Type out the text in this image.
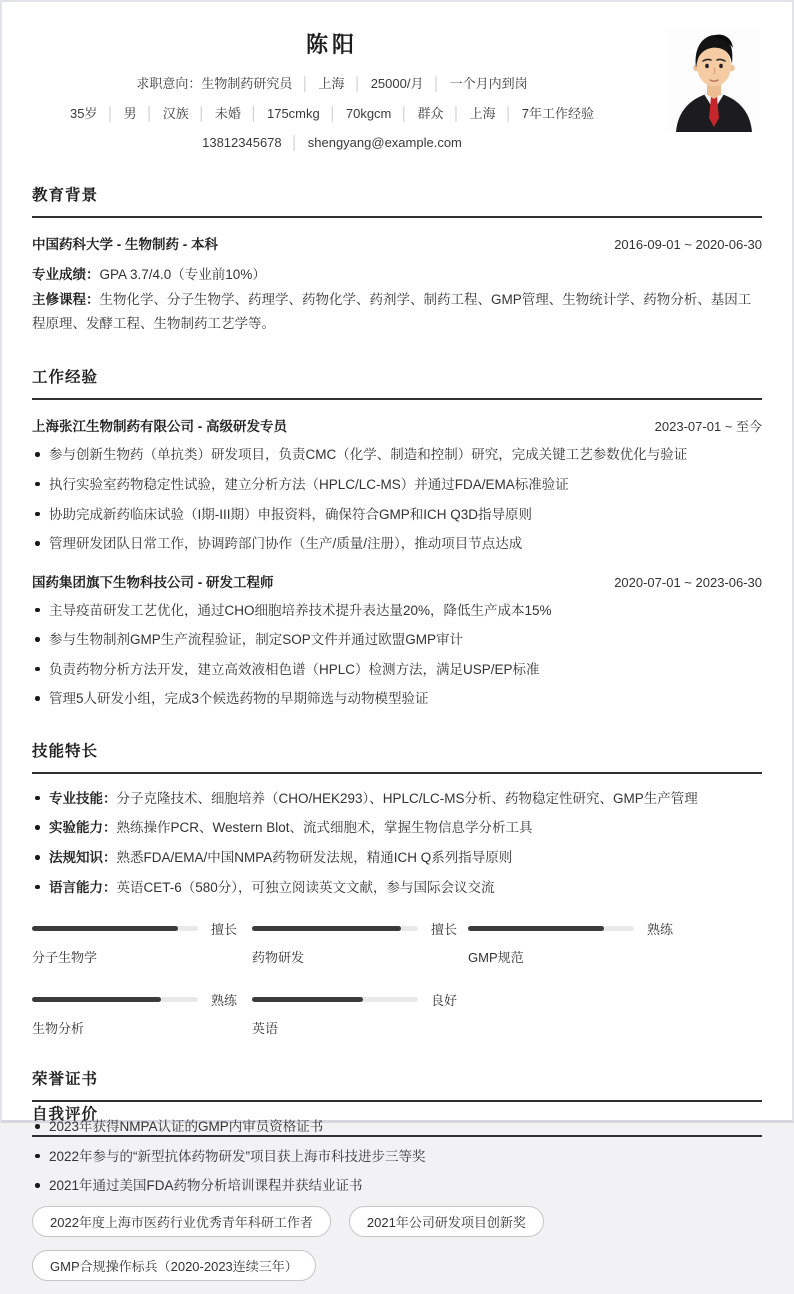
陈阳
求职意向：生物制药研究员 │ 上海 │ 25000/月 │ 一个月内到岗
35岁 │ 男 │ 汉族 │ 未婚 │ 175cmkg │ 70kgcm │ 群众 │ 上海 │ 7年工作经验
13812345678 │ shengyang@example.com
教育背景
中国药科大学 - 生物制药 - 本科	2016-09-01 ~ 2020-06-30

专业成绩：GPA 3.7/4.0（专业前10%）

主修课程：生物化学、分子生物学、药理学、药物化学、药剂学、制药工程、GMP管理、生物统计学、药物分析、基因工程原理、发酵工程、生物制药工艺学等。

工作经验
上海张江生物制药有限公司 - 高级研发专员	2023-07-01 ~ 至今
参与创新生物药（单抗类）研发项目，负责CMC（化学、制造和控制）研究，完成关键工艺参数优化与验证
执行实验室药物稳定性试验，建立分析方法（HPLC/LC-MS）并通过FDA/EMA标准验证
协助完成新药临床试验（I期-III期）申报资料，确保符合GMP和ICH Q3D指导原则
管理研发团队日常工作，协调跨部门协作（生产/质量/注册），推动项目节点达成
国药集团旗下生物科技公司 - 研发工程师	2020-07-01 ~ 2023-06-30
主导疫苗研发工艺优化，通过CHO细胞培养技术提升表达量20%，降低生产成本15%
参与生物制剂GMP生产流程验证，制定SOP文件并通过欧盟GMP审计
负责药物分析方法开发，建立高效液相色谱（HPLC）检测方法，满足USP/EP标准
管理5人研发小组，完成3个候选药物的早期筛选与动物模型验证
技能特长
专业技能：分子克隆技术、细胞培养（CHO/HEK293）、HPLC/LC-MS分析、药物稳定性研究、GMP生产管理
实验能力：熟练操作PCR、Western Blot、流式细胞术，掌握生物信息学分析工具
法规知识：熟悉FDA/EMA/中国NMPA药物研发法规，精通ICH Q系列指导原则
语言能力：英语CET-6（580分），可独立阅读英文文献，参与国际会议交流
擅长
分子生物学
擅长
药物研发
熟练
GMP规范
熟练
生物分析
良好
英语
荣誉证书
2023年获得NMPA认证的GMP内审员资格证书
2022年参与的“新型抗体药物研发”项目获上海市科技进步三等奖
2021年通过美国FDA药物分析培训课程并获结业证书
2022年度上海市医药行业优秀青年科研工作者	2021年公司研发项目创新奖
GMP合规操作标兵（2020-2023连续三年）
自我评价
